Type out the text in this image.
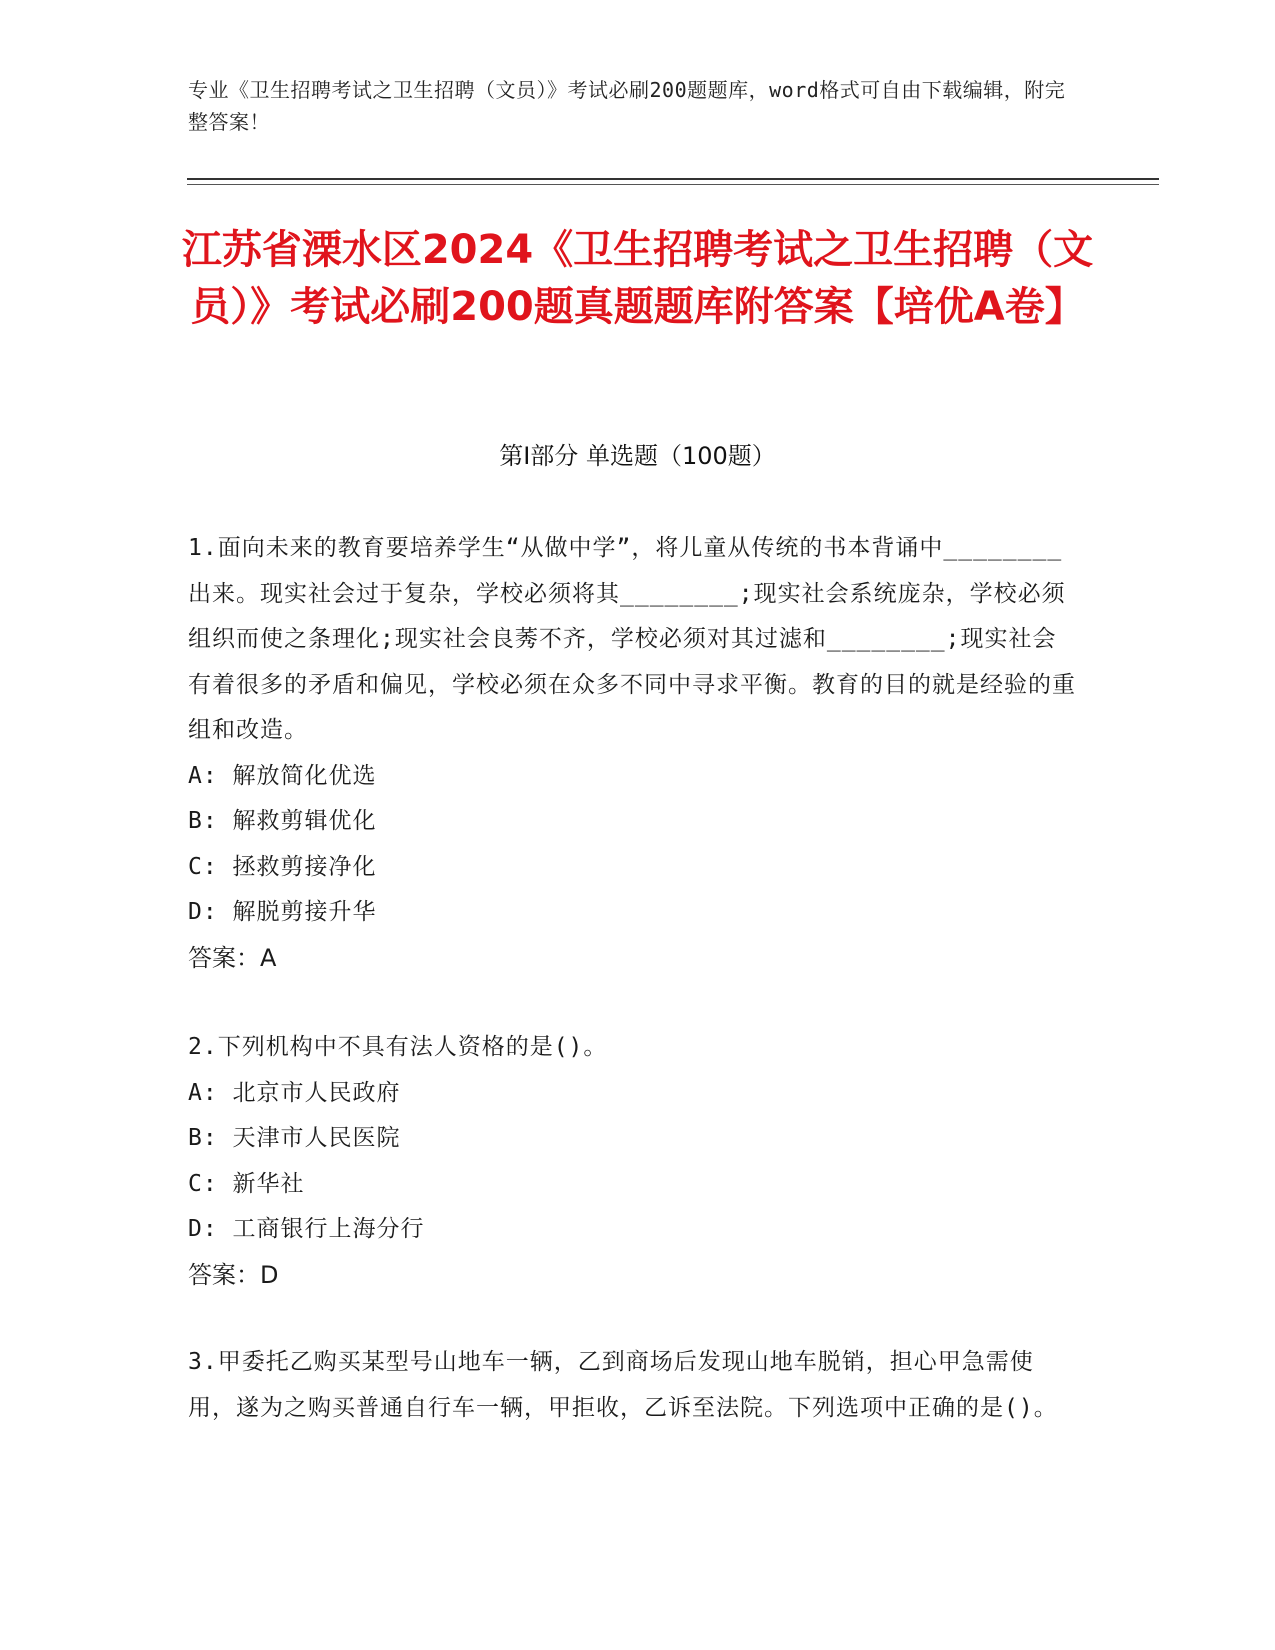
专业《卫生招聘考试之卫生招聘（文员）》考试必刷200题题库，word格式可自由下载编辑，附完整答案！
江苏省溧水区2024《卫生招聘考试之卫生招聘（文员）》考试必刷200题真题题库附答案【培优A卷】
第Ⅰ部分 单选题（100题）

1.面向未来的教育要培养学生“从做中学”，将儿童从传统的书本背诵中________出来。现实社会过于复杂，学校必须将其________;现实社会系统庞杂，学校必须组织而使之条理化;现实社会良莠不齐，学校必须对其过滤和________;现实社会有着很多的矛盾和偏见，学校必须在众多不同中寻求平衡。教育的目的就是经验的重组和改造。

A: 解放简化优选

B: 解救剪辑优化

C: 拯救剪接净化

D: 解脱剪接升华

答案：A

2.下列机构中不具有法人资格的是()。

A: 北京市人民政府

B: 天津市人民医院

C: 新华社

D: 工商银行上海分行

答案：D

3.甲委托乙购买某型号山地车一辆，乙到商场后发现山地车脱销，担心甲急需使用，遂为之购买普通自行车一辆，甲拒收，乙诉至法院。下列选项中正确的是()。
